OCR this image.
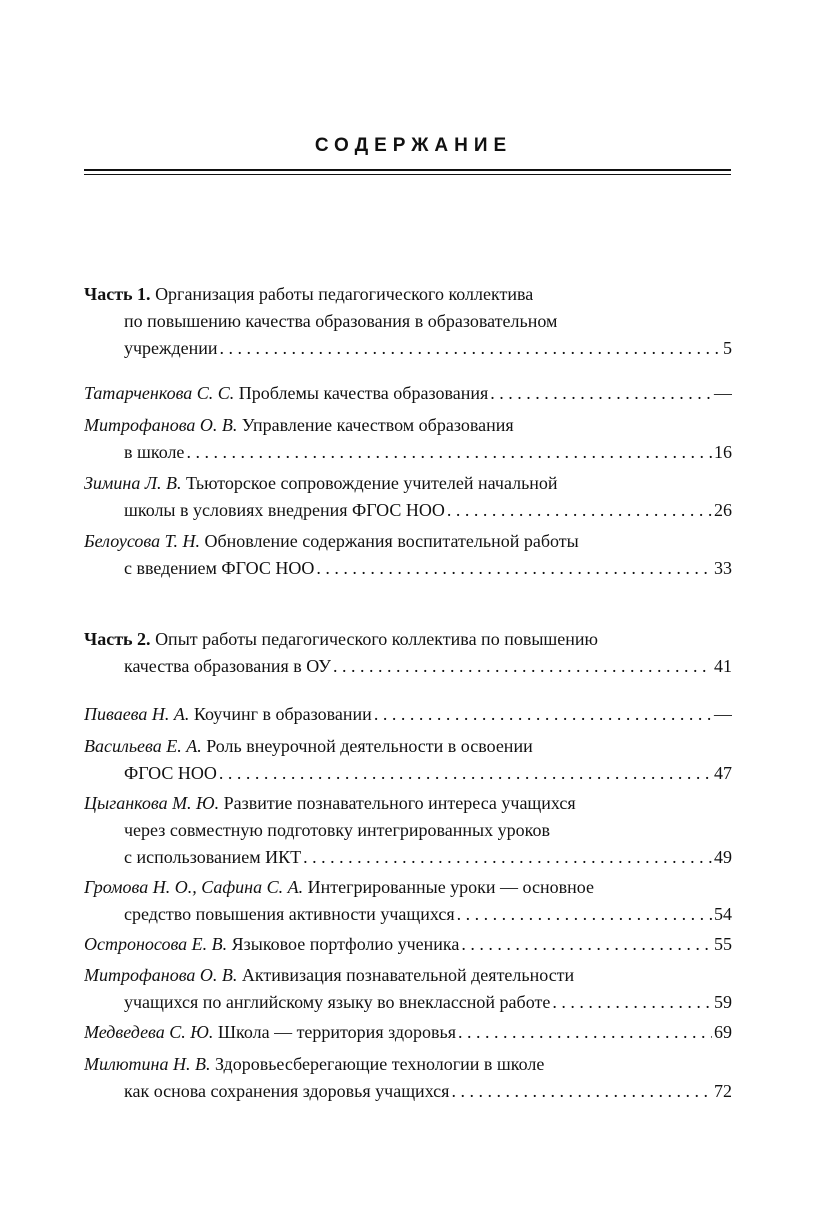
СОДЕРЖАНИЕ
Часть 1. Организация работы педагогического коллектива
по повышению качества образования в образовательном
учреждении . . .	5
Татарченкова С. С. Проблемы качества образования . . .	—
Митрофанова О. В. Управление качеством образования
в школе . . .	16
Зимина Л. В. Тьюторское сопровождение учителей начальной
школы в условиях внедрения ФГОС НОО . . .	26
Белоусова Т. Н. Обновление содержания воспитательной работы
с введением ФГОС НОО . . .	33
Часть 2. Опыт работы педагогического коллектива по повышению
качества образования в ОУ . . .	41
Пиваева Н. А. Коучинг в образовании . . .	—
Васильева Е. А. Роль внеурочной деятельности в освоении
ФГОС НОО . . .	47
Цыганкова М. Ю. Развитие познавательного интереса учащихся
через совместную подготовку интегрированных уроков
с использованием ИКТ . . .	49
Громова Н. О., Сафина С. А. Интегрированные уроки — основное
средство повышения активности учащихся . . .	54
Остроносова Е. В. Языковое портфолио ученика . . .	55
Митрофанова О. В. Активизация познавательной деятельности
учащихся по английскому языку во внеклассной работе . . .	59
Медведева С. Ю. Школа — территория здоровья . . .	69
Милютина Н. В. Здоровьесберегающие технологии в школе
как основа сохранения здоровья учащихся . . .	72
